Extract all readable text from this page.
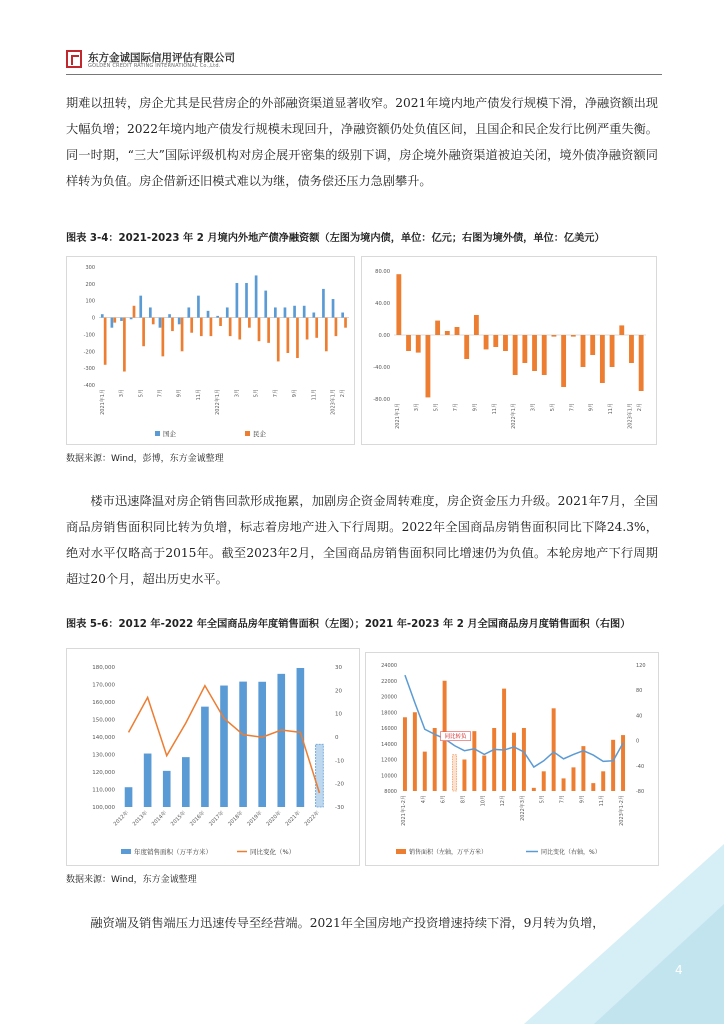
东方金诚国际信用评估有限公司
GOLDEN CREDIT RATING INTERNATIONAL Co.,Ltd.
期难以扭转，房企尤其是民营房企的外部融资渠道显著收窄。2021年境内地产债发行规模下滑，净融资额出现大幅负增；2022年境内地产债发行规模未现回升，净融资额仍处负值区间，且国企和民企发行比例严重失衡。同一时期，“三大”国际评级机构对房企展开密集的级别下调，房企境外融资渠道被迫关闭，境外债净融资额同样转为负值。房企借新还旧模式难以为继，债务偿还压力急剧攀升。
图表 3-4：2021-2023 年 2 月境内外地产债净融资额（左图为境内债，单位：亿元；右图为境外债，单位：亿美元）
300
200
100
0
-100
-200
-300
-400
2021年1月	3月	5月	7月	9月	11月	2022年1月	3月	5月	7月	9月	11月	2023年1月 2月
国企	民企
80.00
40.00
0.00
-40.00
-80.00
2021年1月	3月	5月	7月	9月	11月	2022年1月	3月	5月	7月	9月	11月	2023年1月 2月
数据来源：Wind，彭博，东方金诚整理
楼市迅速降温对房企销售回款形成拖累，加剧房企资金周转难度，房企资金压力升级。2021年7月，全国商品房销售面积同比转为负增，标志着房地产进入下行周期。2022年全国商品房销售面积同比下降24.3%，绝对水平仅略高于2015年。截至2023年2月，全国商品房销售面积同比增速仍为负值。本轮房地产下行周期超过20个月，超出历史水平。
图表 5-6：2012 年-2022 年全国商品房年度销售面积（左图）；2021 年-2023 年 2 月全国商品房月度销售面积（右图）
180,000
170,000
160,000
150,000
140,000
130,000
120,000
110,000
100,000
30
20
10
0
-10
-20
-30
2012年 2013年 2014年 2015年 2016年 2017年 2018年 2019年 2020年 2021年 2022年
年度销售面积（万平方米）	同比变化（%）
24000
22000
20000
18000
16000
14000
12000
10000
8000
120
80
40
0
-40
-80
同比转负
2021年1-2月	4月	6月	8月	10月	12月	2022年3月	5月	7月	9月	11月	2023年1-2月
销售面积（左轴，万平方米）	同比变化（右轴，%）
数据来源：Wind，东方金诚整理
融资端及销售端压力迅速传导至经营端。2021年全国房地产投资增速持续下滑，9月转为负增，
4
